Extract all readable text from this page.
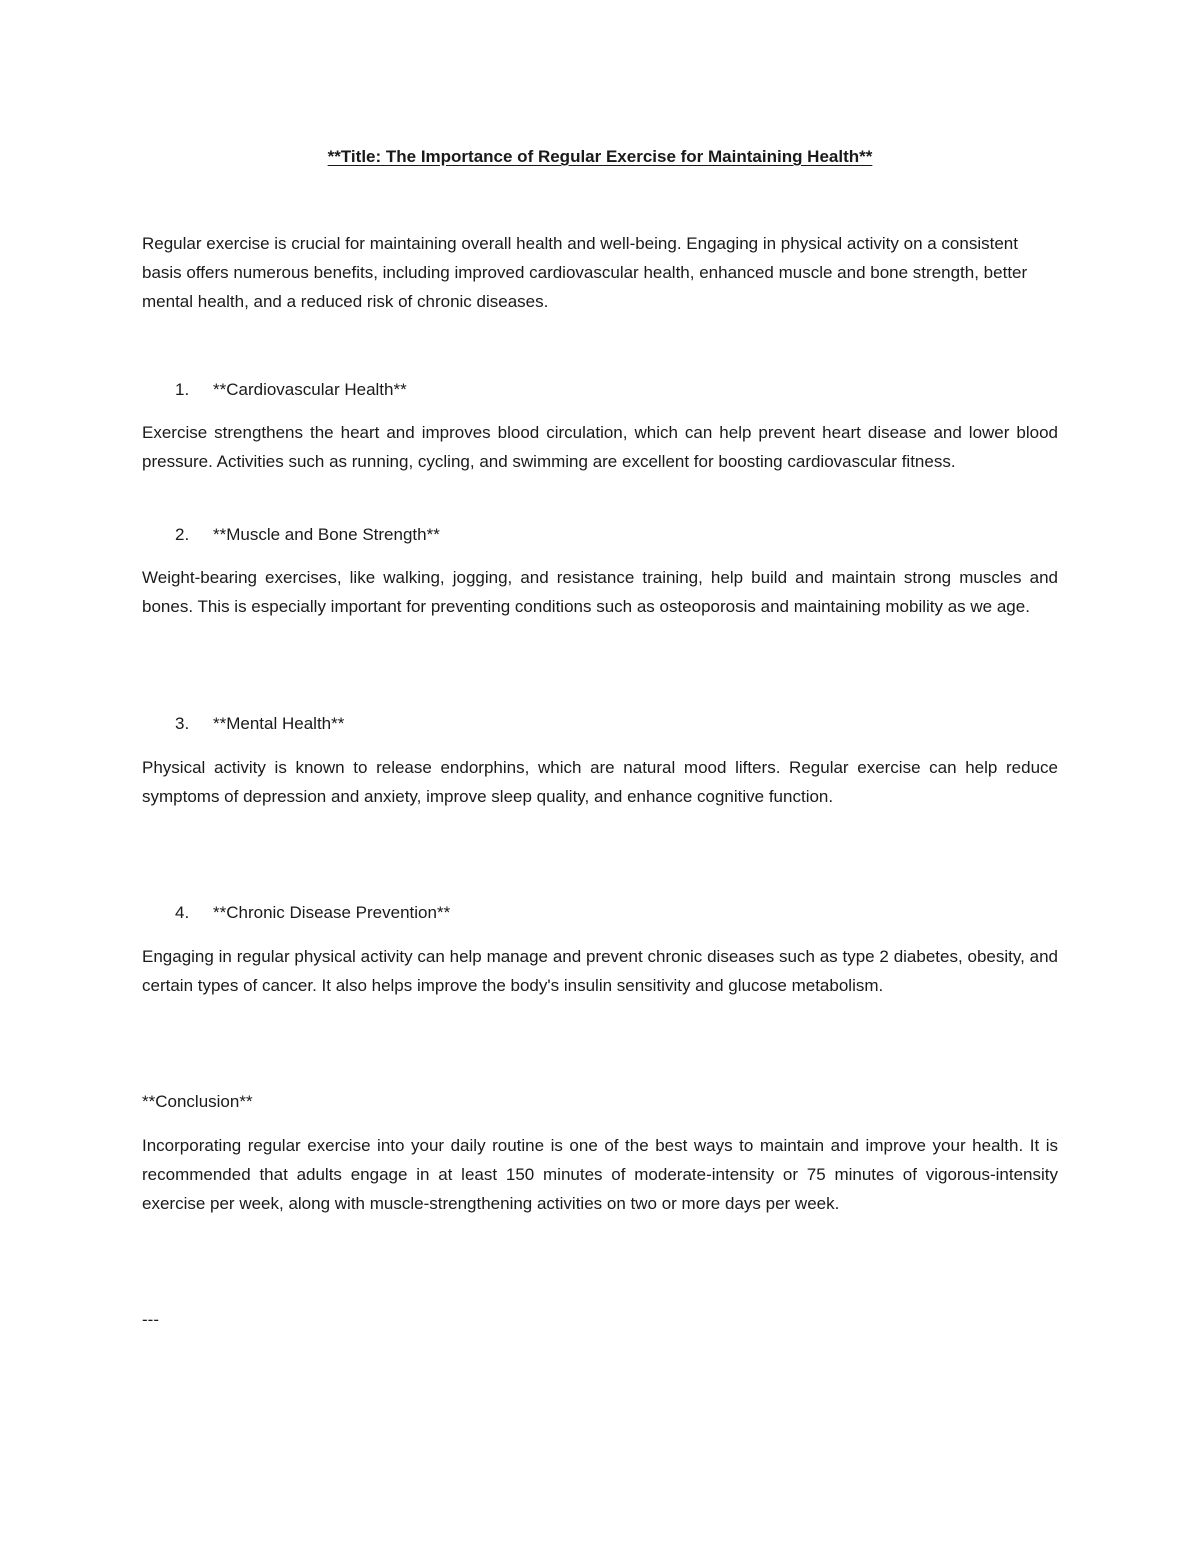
**Title: The Importance of Regular Exercise for Maintaining Health**

Regular exercise is crucial for maintaining overall health and well-being. Engaging in physical activity on a consistent basis offers numerous benefits, including improved cardiovascular health, enhanced muscle and bone strength, better mental health, and a reduced risk of chronic diseases.

1. **Cardiovascular Health**

Exercise strengthens the heart and improves blood circulation, which can help prevent heart disease and lower blood pressure. Activities such as running, cycling, and swimming are excellent for boosting cardiovascular fitness.

2. **Muscle and Bone Strength**

Weight-bearing exercises, like walking, jogging, and resistance training, help build and maintain strong muscles and bones. This is especially important for preventing conditions such as osteoporosis and maintaining mobility as we age.

3. **Mental Health**

Physical activity is known to release endorphins, which are natural mood lifters. Regular exercise can help reduce symptoms of depression and anxiety, improve sleep quality, and enhance cognitive function.

4. **Chronic Disease Prevention**

Engaging in regular physical activity can help manage and prevent chronic diseases such as type 2 diabetes, obesity, and certain types of cancer. It also helps improve the body's insulin sensitivity and glucose metabolism.

**Conclusion**

Incorporating regular exercise into your daily routine is one of the best ways to maintain and improve your health. It is recommended that adults engage in at least 150 minutes of moderate-intensity or 75 minutes of vigorous-intensity exercise per week, along with muscle-strengthening activities on two or more days per week.

---
